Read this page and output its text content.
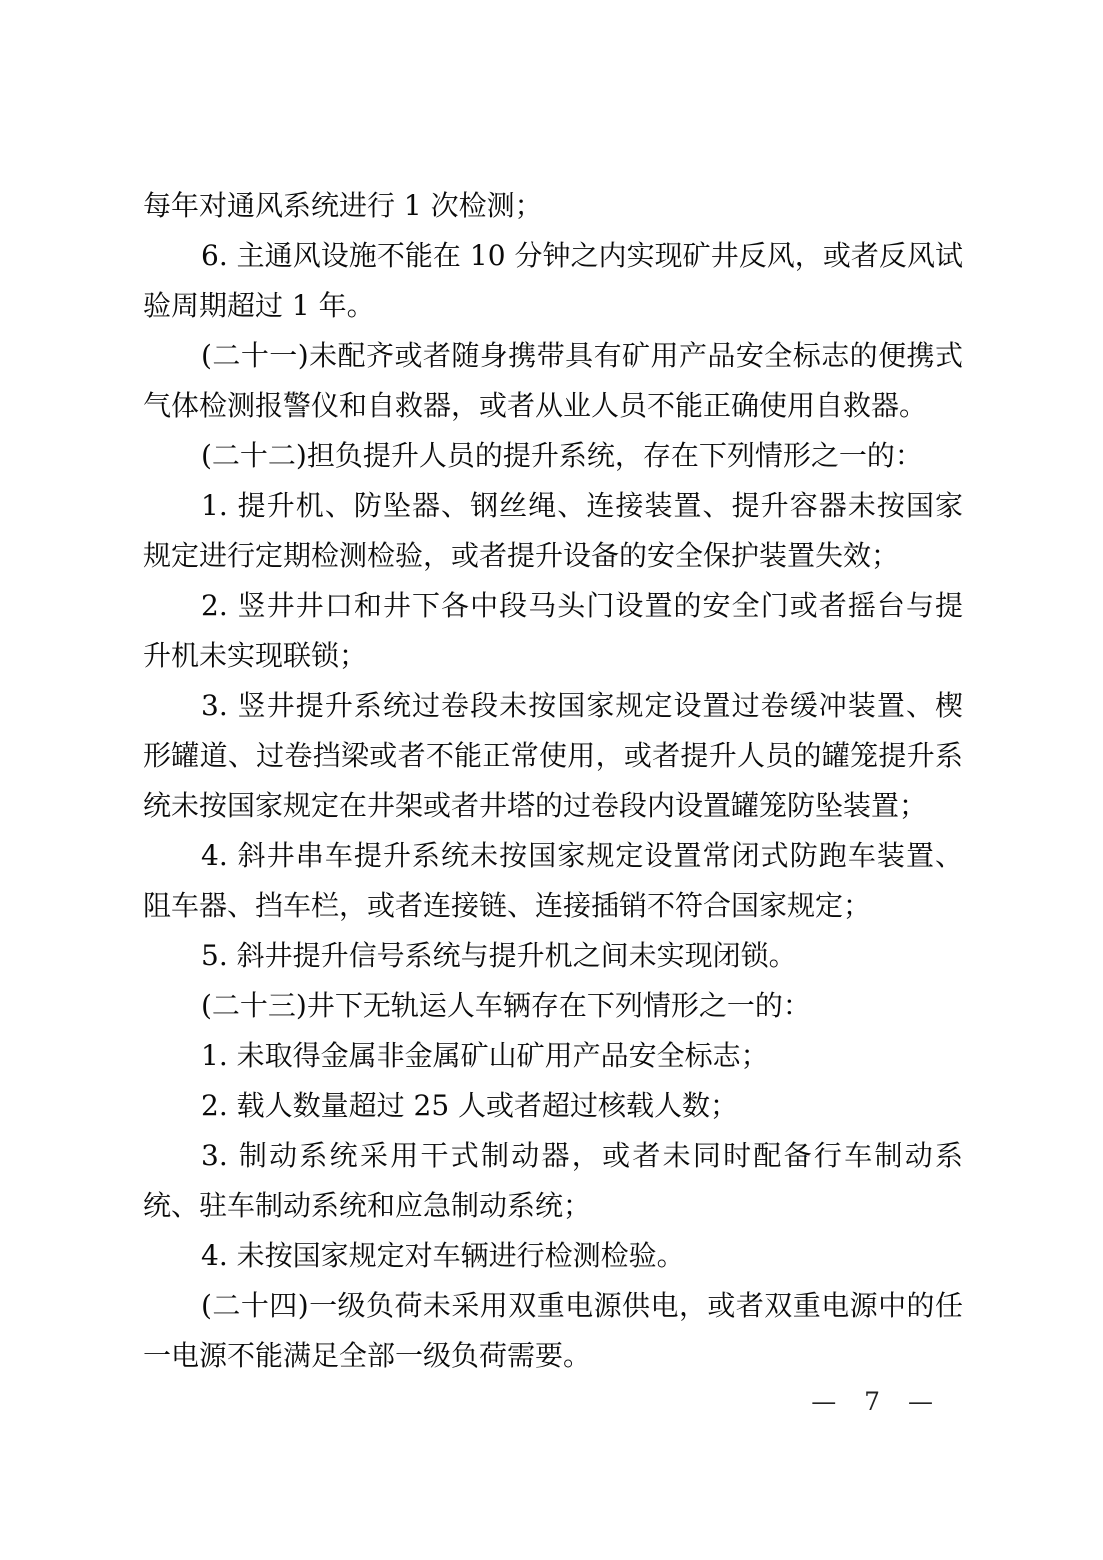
每年对通风系统进行 1 次检测；

6. 主通风设施不能在 10 分钟之内实现矿井反风，或者反风试验周期超过 1 年。

(二十一)未配齐或者随身携带具有矿用产品安全标志的便携式气体检测报警仪和自救器，或者从业人员不能正确使用自救器。

(二十二)担负提升人员的提升系统，存在下列情形之一的：

1. 提升机、防坠器、钢丝绳、连接装置、提升容器未按国家规定进行定期检测检验，或者提升设备的安全保护装置失效；

2. 竖井井口和井下各中段马头门设置的安全门或者摇台与提升机未实现联锁；

3. 竖井提升系统过卷段未按国家规定设置过卷缓冲装置、楔形罐道、过卷挡梁或者不能正常使用，或者提升人员的罐笼提升系统未按国家规定在井架或者井塔的过卷段内设置罐笼防坠装置；

4. 斜井串车提升系统未按国家规定设置常闭式防跑车装置、阻车器、挡车栏，或者连接链、连接插销不符合国家规定；

5. 斜井提升信号系统与提升机之间未实现闭锁。

(二十三)井下无轨运人车辆存在下列情形之一的：

1. 未取得金属非金属矿山矿用产品安全标志；

2. 载人数量超过 25 人或者超过核载人数；

3. 制动系统采用干式制动器，或者未同时配备行车制动系统、驻车制动系统和应急制动系统；

4. 未按国家规定对车辆进行检测检验。

(二十四)一级负荷未采用双重电源供电，或者双重电源中的任一电源不能满足全部一级负荷需要。

— 7 —
